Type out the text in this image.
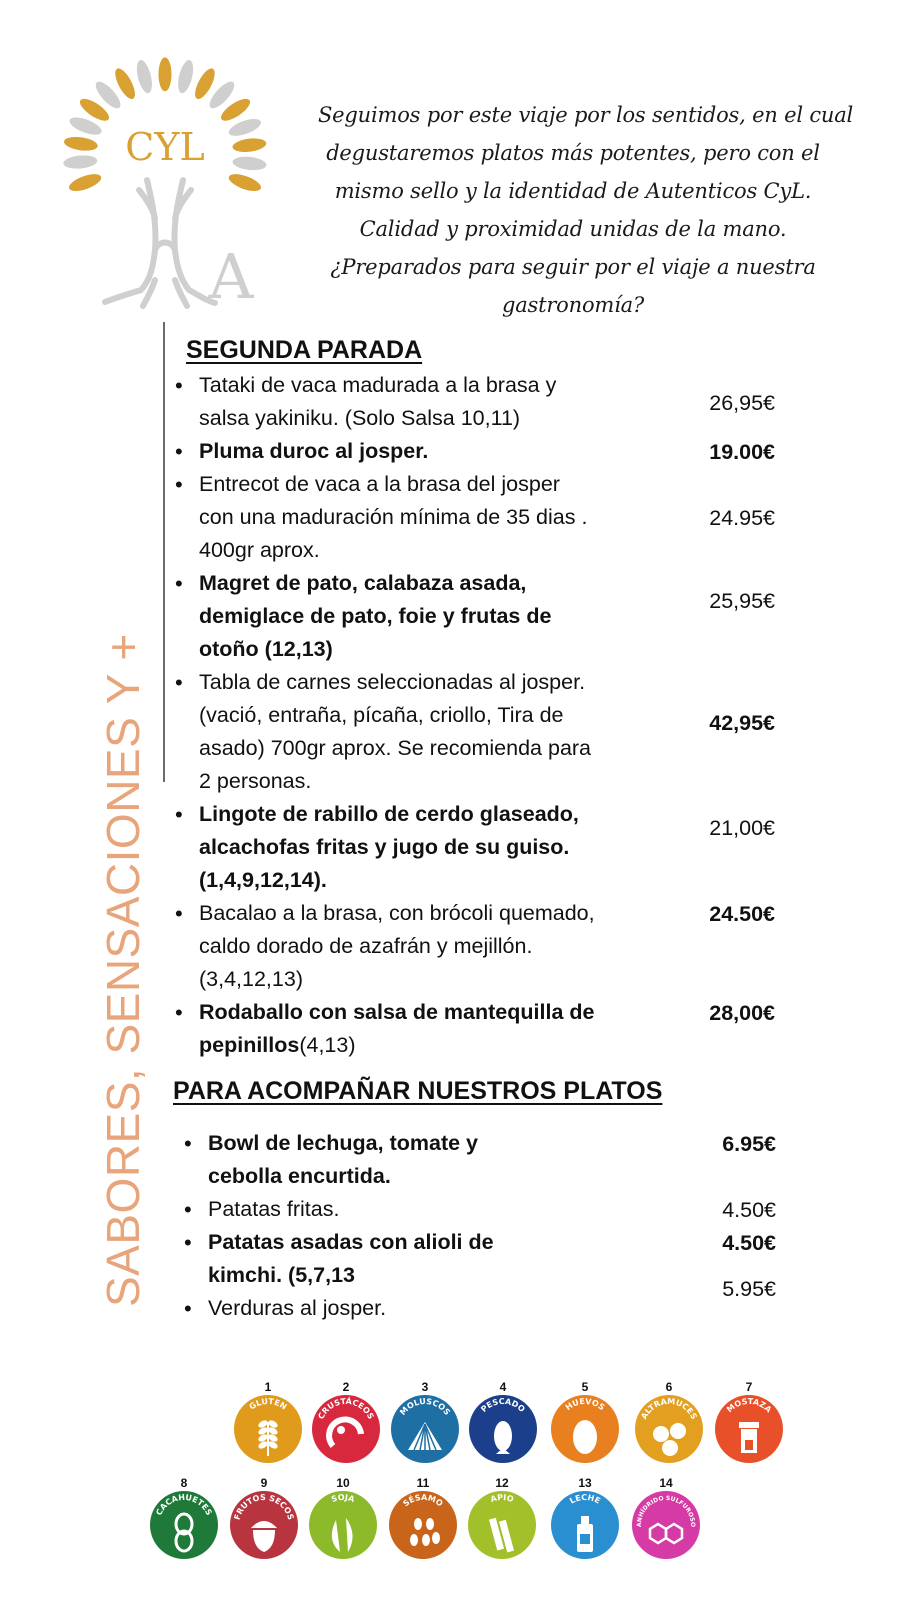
CYL
A
Seguimos por este viaje por los sentidos, en el cual
degustaremos platos más potentes, pero con el
mismo sello y la identidad de Autenticos CyL.
Calidad y proximidad unidas de la mano.
¿Preparados para seguir por el viaje a nuestra
gastronomía?
SABORES, SENSACIONES Y +
SEGUNDA PARADA
PARA ACOMPAÑAR NUESTROS PLATOS
• Tataki de vaca madurada a la brasa y
salsa yakiniku. (Solo Salsa 10,11)
26,95€
• Pluma duroc al josper.	19.00€
• Entrecot de vaca a la brasa del josper
con una maduración mínima de 35 dias .
400gr aprox.
24.95€
• Magret de pato, calabaza asada,
demiglace de pato, foie y frutas de
otoño (12,13)
25,95€
• Tabla de carnes seleccionadas al josper.
(vació, entraña, pícaña, criollo, Tira de
asado) 700gr aprox. Se recomienda para
2 personas.
42,95€
• Lingote de rabillo de cerdo glaseado,
alcachofas fritas y jugo de su guiso.
(1,4,9,12,14).
21,00€
• Bacalao a la brasa, con brócoli quemado,
caldo dorado de azafrán y mejillón.
(3,4,12,13)
24.50€
• Rodaballo con salsa de mantequilla de
pepinillos(4,13)
28,00€
• Bowl de lechuga, tomate y
cebolla encurtida.
6.95€
• Patatas fritas.	4.50€
• Patatas asadas con alioli de
kimchi. (5,7,13
4.50€
• Verduras al josper.
5.95€
1
GLUTEN
2
CRUSTÁCEOS
3
MOLUSCOS
4
PESCADO
5
HUEVOS
6
ALTRAMUCES
7
MOSTAZA
8
CACAHUETES
9
FRUTOS SECOS
10
SOJA
11
SÉSAMO
12
APIO
13
LECHE
14
ANHÍDRIDO SULFUROSO
